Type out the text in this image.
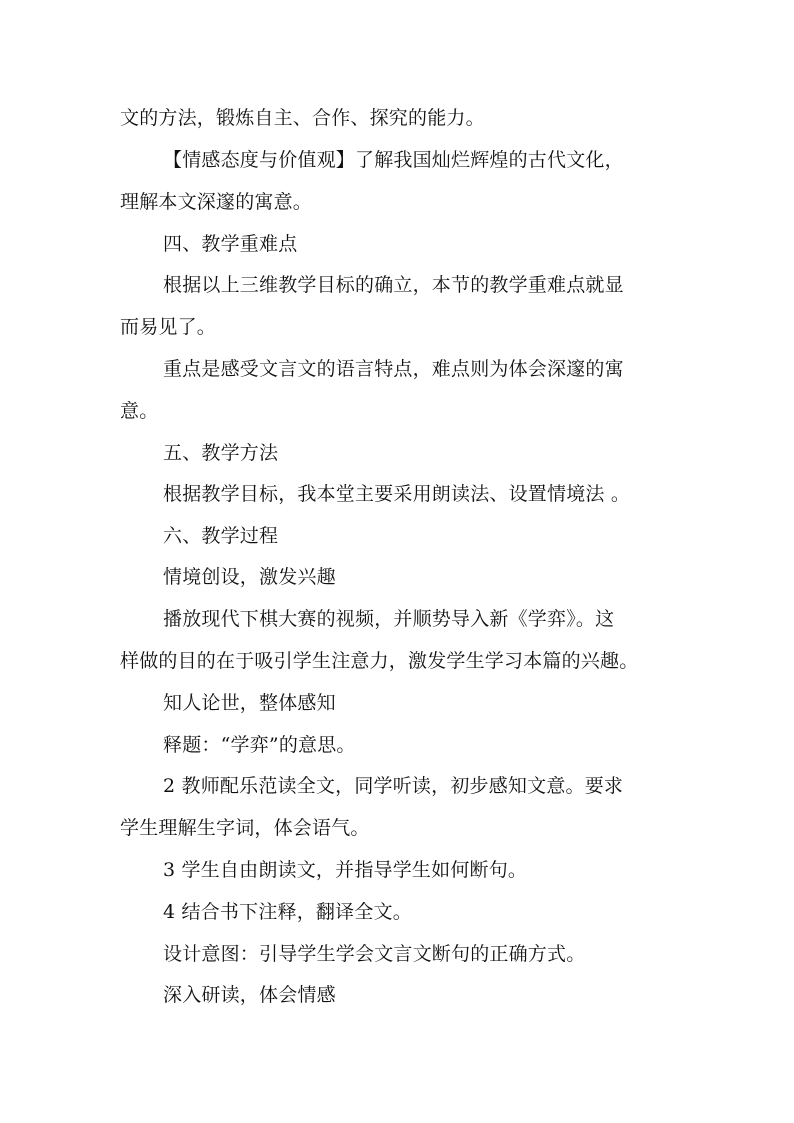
文的方法，锻炼自主、合作、探究的能力。
【情感态度与价值观】了解我国灿烂辉煌的古代文化，
理解本文深邃的寓意。
四、教学重难点
根据以上三维教学目标的确立，本节的教学重难点就显
而易见了。
重点是感受文言文的语言特点，难点则为体会深邃的寓
意。
五、教学方法
根据教学目标，我本堂主要采用朗读法、设置情境法 。
六、教学过程
情境创设，激发兴趣
播放现代下棋大赛的视频，并顺势导入新《学弈》。这
样做的目的在于吸引学生注意力，激发学生学习本篇的兴趣。
知人论世，整体感知
释题：“学弈”的意思。
2 教师配乐范读全文，同学听读，初步感知文意。要求
学生理解生字词，体会语气。
3 学生自由朗读文，并指导学生如何断句。
4 结合书下注释，翻译全文。
设计意图：引导学生学会文言文断句的正确方式。
深入研读，体会情感
